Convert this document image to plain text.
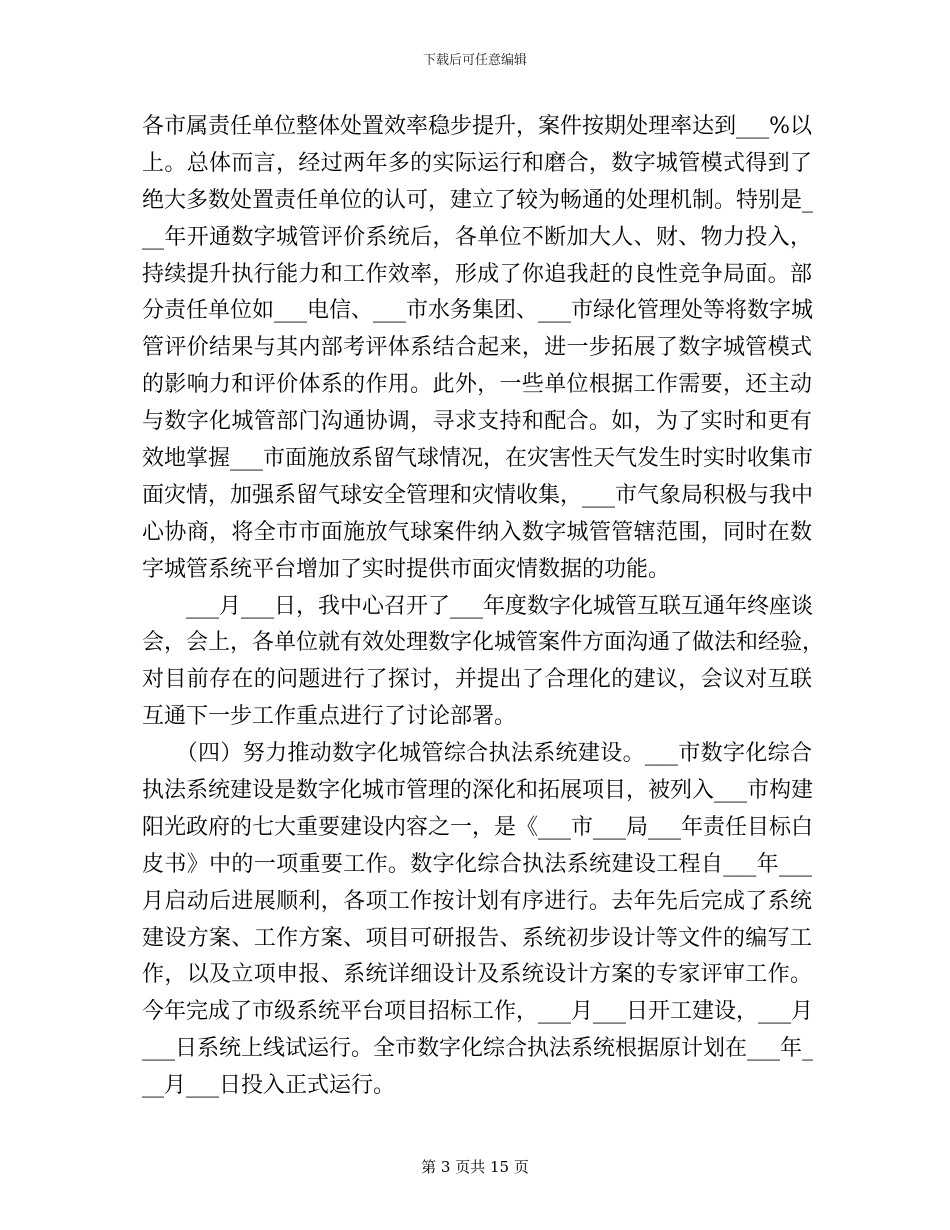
下载后可任意编辑
各市属责任单位整体处置效率稳步提升，案件按期处理率达到___%以
上。总体而言，经过两年多的实际运行和磨合，数字城管模式得到了
绝大多数处置责任单位的认可，建立了较为畅通的处理机制。特别是_
__年开通数字城管评价系统后，各单位不断加大人、财、物力投入，
持续提升执行能力和工作效率，形成了你追我赶的良性竞争局面。部
分责任单位如___电信、___市水务集团、___市绿化管理处等将数字城
管评价结果与其内部考评体系结合起来，进一步拓展了数字城管模式
的影响力和评价体系的作用。此外，一些单位根据工作需要，还主动
与数字化城管部门沟通协调，寻求支持和配合。如，为了实时和更有
效地掌握___市面施放系留气球情况，在灾害性天气发生时实时收集市
面灾情，加强系留气球安全管理和灾情收集，___市气象局积极与我中
心协商，将全市市面施放气球案件纳入数字城管管辖范围，同时在数
字城管系统平台增加了实时提供市面灾情数据的功能。
　　___月___日，我中心召开了___年度数字化城管互联互通年终座谈
会，会上，各单位就有效处理数字化城管案件方面沟通了做法和经验，
对目前存在的问题进行了探讨，并提出了合理化的建议，会议对互联
互通下一步工作重点进行了讨论部署。
　　（四）努力推动数字化城管综合执法系统建设。___市数字化综合
执法系统建设是数字化城市管理的深化和拓展项目，被列入___市构建
阳光政府的七大重要建设内容之一，是《___市___局___年责任目标白
皮书》中的一项重要工作。数字化综合执法系统建设工程自___年___
月启动后进展顺利，各项工作按计划有序进行。去年先后完成了系统
建设方案、工作方案、项目可研报告、系统初步设计等文件的编写工
作，以及立项申报、系统详细设计及系统设计方案的专家评审工作。
今年完成了市级系统平台项目招标工作，___月___日开工建设，___月
___日系统上线试运行。全市数字化综合执法系统根据原计划在___年_
__月___日投入正式运行。
第 3 页共 15 页
